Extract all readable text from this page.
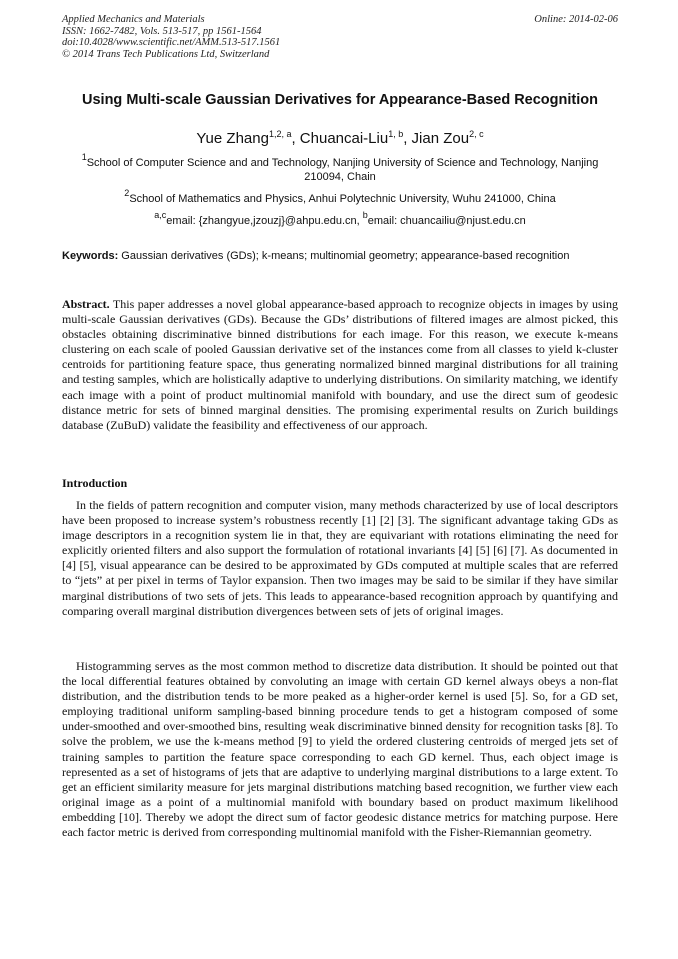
Applied Mechanics and Materials
ISSN: 1662-7482, Vols. 513-517, pp 1561-1564
doi:10.4028/www.scientific.net/AMM.513-517.1561
© 2014 Trans Tech Publications Ltd, Switzerland
Online: 2014-02-06
Using Multi-scale Gaussian Derivatives for Appearance-Based Recognition
Yue Zhang$^{1,2, a}$, Chuancai-Liu$^{1, b}$, Jian Zou$^{2, c}$
$^1$School of Computer Science and and Technology, Nanjing University of Science and Technology, Nanjing 210094, Chain
$^2$School of Mathematics and Physics, Anhui Polytechnic University, Wuhu 241000, China
$^{a,c}$email: {zhangyue,jzouzj}@ahpu.edu.cn, $^b$email: chuancailiu@njust.edu.cn
Keywords: Gaussian derivatives (GDs); k-means; multinomial geometry; appearance-based recognition
Abstract. This paper addresses a novel global appearance-based approach to recognize objects in images by using multi-scale Gaussian derivatives (GDs). Because the GDs’ distributions of filtered images are almost picked, this obstacles obtaining discriminative binned distributions for each image. For this reason, we execute k-means clustering on each scale of pooled Gaussian derivative set of the instances come from all classes to yield k-cluster centroids for partitioning feature space, thus generating normalized binned marginal distributions for all training and testing samples, which are holistically adaptive to underlying distributions. On similarity matching, we identify each image with a point of product multinomial manifold with boundary, and use the direct sum of geodesic distance metric for sets of binned marginal densities. The promising experimental results on Zurich buildings database (ZuBuD) validate the feasibility and effectiveness of our approach.
Introduction

In the fields of pattern recognition and computer vision, many methods characterized by use of local descriptors have been proposed to increase system’s robustness recently [1] [2] [3]. The significant advantage taking GDs as image descriptors in a recognition system lie in that, they are equivariant with rotations eliminating the need for explicitly oriented filters and also support the formulation of rotational invariants [4] [5] [6] [7]. As documented in [4] [5], visual appearance can be desired to be approximated by GDs computed at multiple scales that are referred to “jets” at per pixel in terms of Taylor expansion. Then two images may be said to be similar if they have similar marginal distributions of two sets of jets. This leads to appearance-based recognition approach by quantifying and comparing overall marginal distribution divergences between sets of jets of original images.

Histogramming serves as the most common method to discretize data distribution. It should be pointed out that the local differential features obtained by convoluting an image with certain GD kernel always obeys a non-flat distribution, and the distribution tends to be more peaked as a higher-order kernel is used [5]. So, for a GD set, employing traditional uniform sampling-based binning procedure tends to get a histogram composed of some under-smoothed and over-smoothed bins, resulting weak discriminative binned density for recognition tasks [8]. To solve the problem, we use the k-means method [9] to yield the ordered clustering centroids of merged jets set of training samples to partition the feature space corresponding to each GD kernel. Thus, each object image is represented as a set of histograms of jets that are adaptive to underlying marginal distributions to a large extent. To get an efficient similarity measure for jets marginal distributions matching based recognition, we further view each original image as a point of a multinomial manifold with boundary based on product maximum likelihood embedding [10]. Thereby we adopt the direct sum of factor geodesic distance metrics for matching purpose. Here each factor metric is derived from corresponding multinomial manifold with the Fisher-Riemannian geometry.
